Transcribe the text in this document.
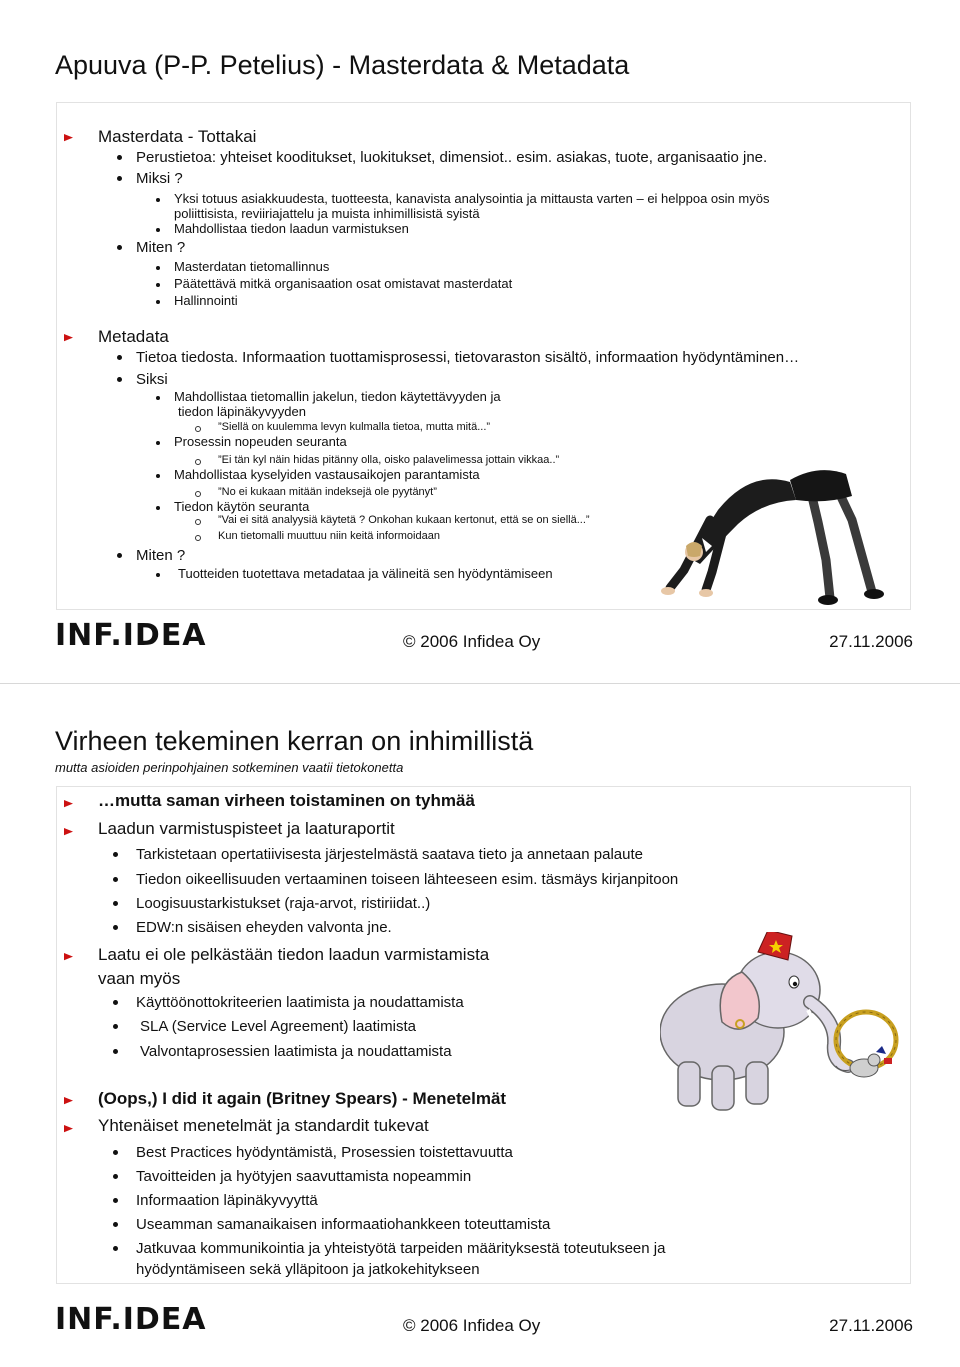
Apuuva (P-P. Petelius) - Masterdata & Metadata
Masterdata - Tottakai
Perustietoa: yhteiset kooditukset, luokitukset, dimensiot.. esim. asiakas, tuote, arganisaatio jne.
Miksi ?
Yksi totuus asiakkuudesta, tuotteesta, kanavista analysointia ja mittausta varten – ei helppoa osin myös
poliittisista, reviiriajattelu ja muista inhimillisistä syistä
Mahdollistaa tiedon laadun varmistuksen
Miten ?
Masterdatan tietomallinnus
Päätettävä mitkä organisaation osat omistavat masterdatat
Hallinnointi
Metadata
Tietoa tiedosta. Informaation tuottamisprosessi, tietovaraston sisältö, informaation hyödyntäminen…
Siksi
Mahdollistaa tietomallin jakelun, tiedon käytettävyyden ja
tiedon läpinäkyvyyden
”Siellä on kuulemma levyn kulmalla tietoa, mutta mitä...”
Prosessin nopeuden seuranta
”Ei tän kyl näin hidas pitänny olla, oisko palavelimessa jottain vikkaa..”
Mahdollistaa kyselyiden vastausaikojen parantamista
”No ei kukaan mitään indeksejä ole pyytänyt”
Tiedon käytön seuranta
”Vai ei sitä analyysiä käytetä ? Onkohan kukaan kertonut, että se on siellä...”
Kun tietomalli muuttuu niin keitä informoidaan
Miten ?
Tuotteiden tuotettava metadataa ja välineitä sen hyödyntämiseen
INF.IDEA	© 2006 Infidea Oy	27.11.2006
Virheen tekeminen kerran on inhimillistä
mutta asioiden perinpohjainen sotkeminen vaatii tietokonetta
…mutta saman virheen toistaminen on tyhmää
Laadun varmistuspisteet ja laaturaportit
Tarkistetaan opertatiivisesta järjestelmästä saatava tieto ja annetaan palaute
Tiedon oikeellisuuden vertaaminen toiseen lähteeseen esim. täsmäys kirjanpitoon
Loogisuustarkistukset (raja-arvot, ristiriidat..)
EDW:n sisäisen eheyden valvonta jne.
Laatu ei ole pelkästään tiedon laadun varmistamista
vaan myös
Käyttöönottokriteerien laatimista ja noudattamista
SLA (Service Level Agreement) laatimista
Valvontaprosessien laatimista ja noudattamista
(Oops,) I did it again (Britney Spears) - Menetelmät
Yhtenäiset menetelmät ja standardit tukevat
Best Practices hyödyntämistä, Prosessien toistettavuutta
Tavoitteiden ja hyötyjen saavuttamista nopeammin
Informaation läpinäkyvyyttä
Useamman samanaikaisen informaatiohankkeen toteuttamista
Jatkuvaa kommunikointia ja yhteistyötä tarpeiden määrityksestä toteutukseen ja
hyödyntämiseen sekä ylläpitoon ja jatkokehitykseen
INF.IDEA	© 2006 Infidea Oy	27.11.2006
